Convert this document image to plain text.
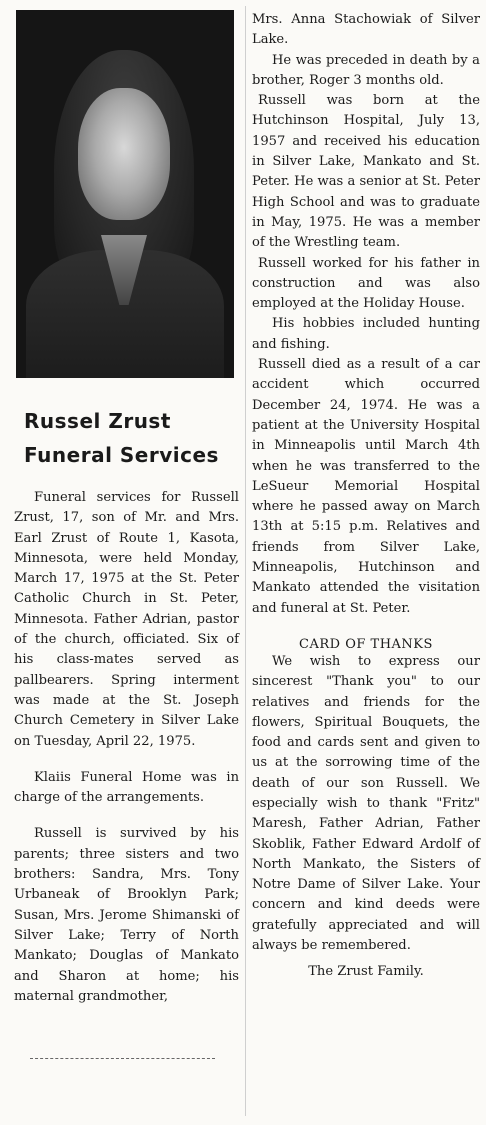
Russel Zrust
Funeral Services

Funeral services for Russell Zrust, 17, son of Mr. and Mrs. Earl Zrust of Route 1, Kasota, Minnesota, were held Monday, March 17, 1975 at the St. Peter Catholic Church in St. Peter, Minnesota. Father Adrian, pastor of the church, officiated. Six of his class-mates served as pallbearers. Spring interment was made at the St. Joseph Church Cemetery in Silver Lake on Tuesday, April 22, 1975.

Klaiis Funeral Home was in charge of the arrangements.

Russell is survived by his parents; three sisters and two brothers: Sandra, Mrs. Tony Urbaneak of Brooklyn Park; Susan, Mrs. Jerome Shimanski of Silver Lake; Terry of North Mankato; Douglas of Mankato and Sharon at home; his maternal grandmother,

Mrs. Anna Stachowiak of Silver Lake.

He was preceded in death by a brother, Roger 3 months old.

Russell was born at the Hutchinson Hospital, July 13, 1957 and received his education in Silver Lake, Mankato and St. Peter. He was a senior at St. Peter High School and was to graduate in May, 1975. He was a member of the Wrestling team.

Russell worked for his father in construction and was also employed at the Holiday House.

His hobbies included hunting and fishing.

Russell died as a result of a car accident which occurred December 24, 1974. He was a patient at the University Hospital in Minneapolis until March 4th when he was transferred to the LeSueur Memorial Hospital where he passed away on March 13th at 5:15 p.m. Relatives and friends from Silver Lake, Minneapolis, Hutchinson and Mankato attended the visitation and funeral at St. Peter.

CARD OF THANKS

We wish to express our sincerest "Thank you" to our relatives and friends for the flowers, Spiritual Bouquets, the food and cards sent and given to us at the sorrowing time of the death of our son Russell. We especially wish to thank "Fritz" Maresh, Father Adrian, Father Skoblik, Father Edward Ardolf of North Mankato, the Sisters of Notre Dame of Silver Lake. Your concern and kind deeds were gratefully appreciated and will always be remembered.

The Zrust Family.
